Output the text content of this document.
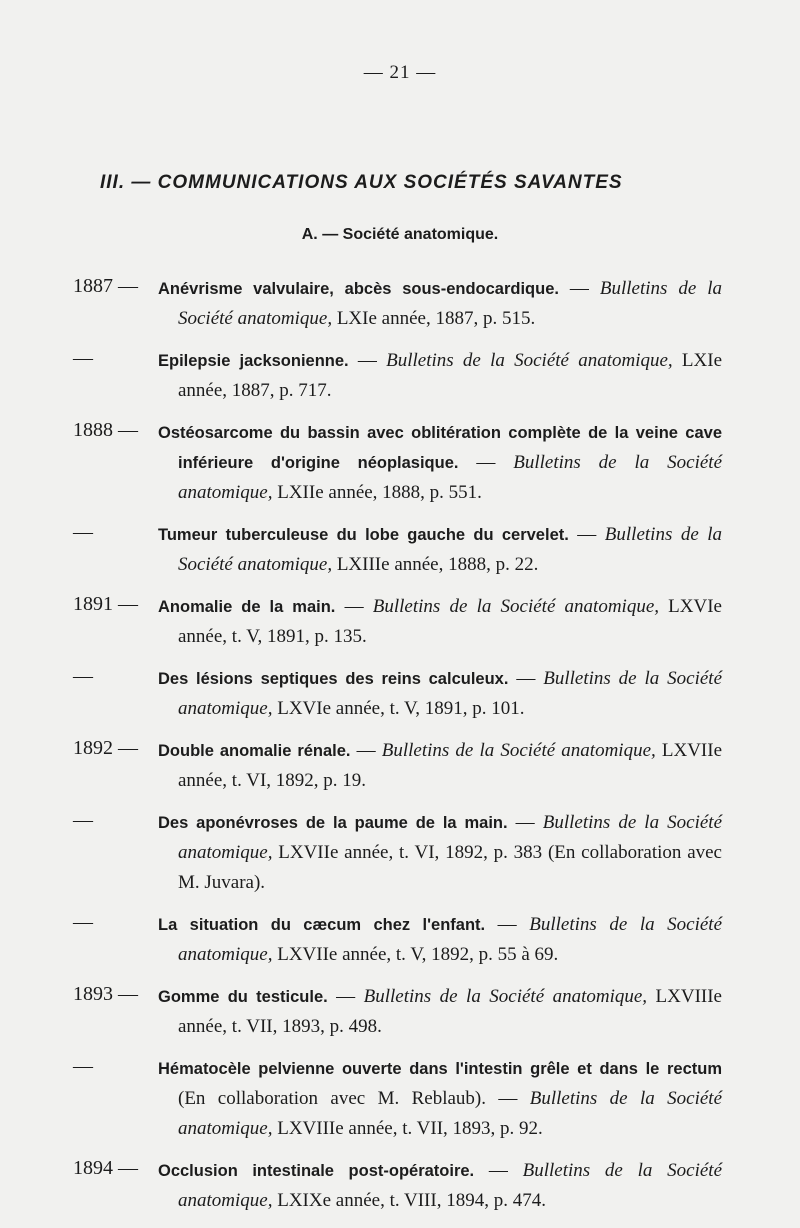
— 21 —
III. — COMMUNICATIONS AUX SOCIÉTÉS SAVANTES
A. — Société anatomique.
1887 —	Anévrisme valvulaire, abcès sous-endocardique. — Bulletins de la Société anatomique, LXIe année, 1887, p. 515.
—	Epilepsie jacksonienne. — Bulletins de la Société anatomique, LXIe année, 1887, p. 717.
1888 —	Ostéosarcome du bassin avec oblitération complète de la veine cave inférieure d'origine néoplasique. — Bulletins de la Société anatomique, LXIIe année, 1888, p. 551.
—	Tumeur tuberculeuse du lobe gauche du cervelet. — Bulletins de la Société anatomique, LXIIIe année, 1888, p. 22.
1891 —	Anomalie de la main. — Bulletins de la Société anatomique, LXVIe année, t. V, 1891, p. 135.
—	Des lésions septiques des reins calculeux. — Bulletins de la Société anatomique, LXVIe année, t. V, 1891, p. 101.
1892 —	Double anomalie rénale. — Bulletins de la Société anatomique, LXVIIe année, t. VI, 1892, p. 19.
—	Des aponévroses de la paume de la main. — Bulletins de la Société anatomique, LXVIIe année, t. VI, 1892, p. 383 (En collaboration avec M. Juvara).
—	La situation du cæcum chez l'enfant. — Bulletins de la Société anatomique, LXVIIe année, t. V, 1892, p. 55 à 69.
1893 —	Gomme du testicule. — Bulletins de la Société anatomique, LXVIIIe année, t. VII, 1893, p. 498.
—	Hématocèle pelvienne ouverte dans l'intestin grêle et dans le rectum (En collaboration avec M. Reblaub). — Bulletins de la Société anatomique, LXVIIIe année, t. VII, 1893, p. 92.
1894 —	Occlusion intestinale post-opératoire. — Bulletins de la Société anatomique, LXIXe année, t. VIII, 1894, p. 474.
